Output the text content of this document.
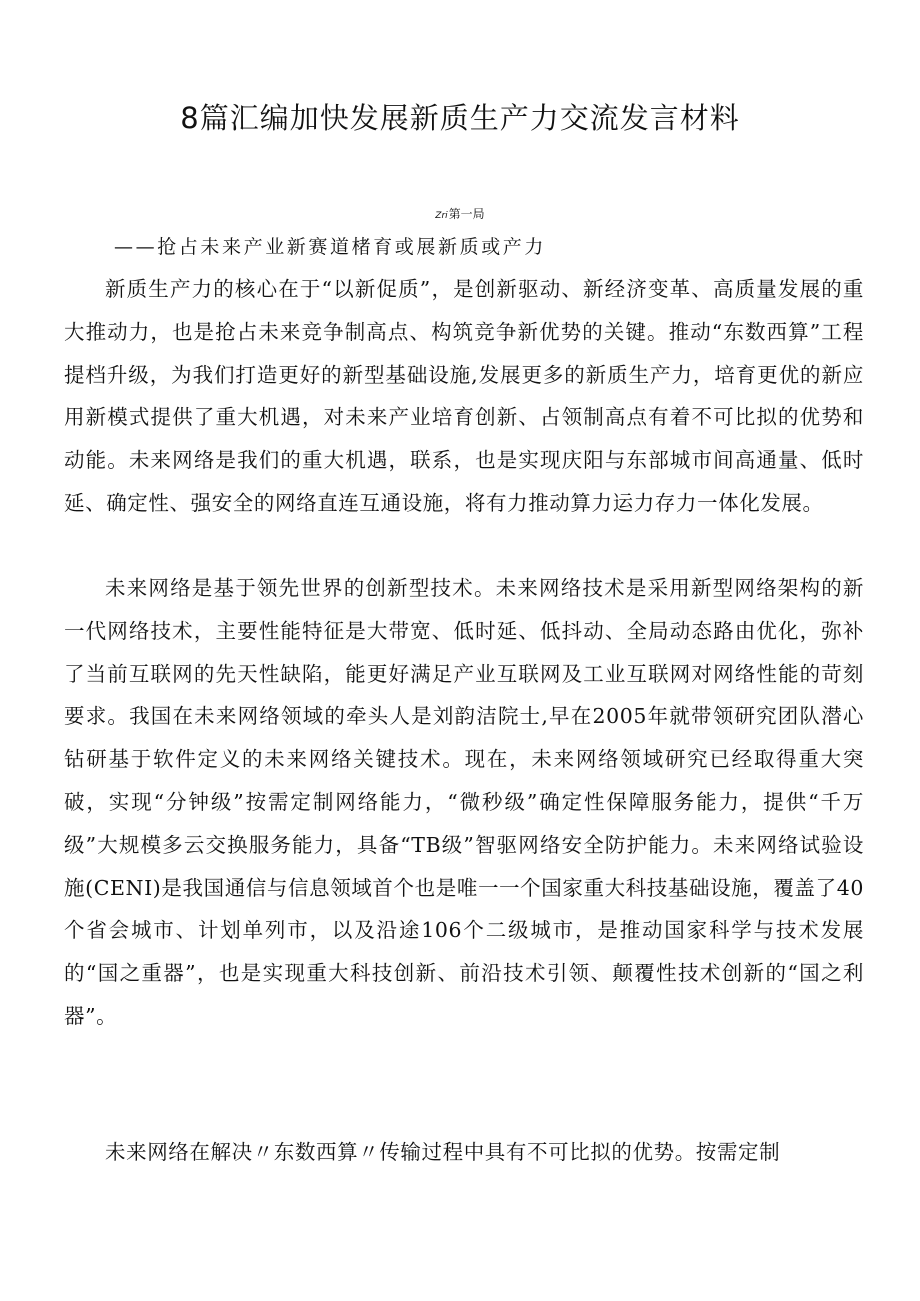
8篇汇编加快发展新质生产力交流发言材料
Zri第一局
——抢占未来产业新赛道楮育或展新质或产力

新质生产力的核心在于“以新促质”，是创新驱动、新经济变革、高质量发展的重大推动力，也是抢占未来竞争制高点、构筑竞争新优势的关键。推动“东数西算”工程提档升级，为我们打造更好的新型基础设施,发展更多的新质生产力，培育更优的新应用新模式提供了重大机遇，对未来产业培育创新、占领制高点有着不可比拟的优势和动能。未来网络是我们的重大机遇，联系，也是实现庆阳与东部城市间高通量、低时延、确定性、强安全的网络直连互通设施，将有力推动算力运力存力一体化发展。

未来网络是基于领先世界的创新型技术。未来网络技术是采用新型网络架构的新一代网络技术，主要性能特征是大带宽、低时延、低抖动、全局动态路由优化，弥补了当前互联网的先天性缺陷，能更好满足产业互联网及工业互联网对网络性能的苛刻要求。我国在未来网络领域的牵头人是刘韵洁院士,早在2005年就带领研究团队潜心钻研基于软件定义的未来网络关键技术。现在，未来网络领域研究已经取得重大突破，实现“分钟级”按需定制网络能力，“微秒级”确定性保障服务能力，提供“千万级”大规模多云交换服务能力，具备“TB级”智驱网络安全防护能力。未来网络试验设施(CENI)是我国通信与信息领域首个也是唯一一个国家重大科技基础设施，覆盖了40个省会城市、计划单列市，以及沿途106个二级城市，是推动国家科学与技术发展的“国之重器”，也是实现重大科技创新、前沿技术引领、颠覆性技术创新的“国之利器”。

未来网络在解决〃东数西算〃传输过程中具有不可比拟的优势。按需定制
